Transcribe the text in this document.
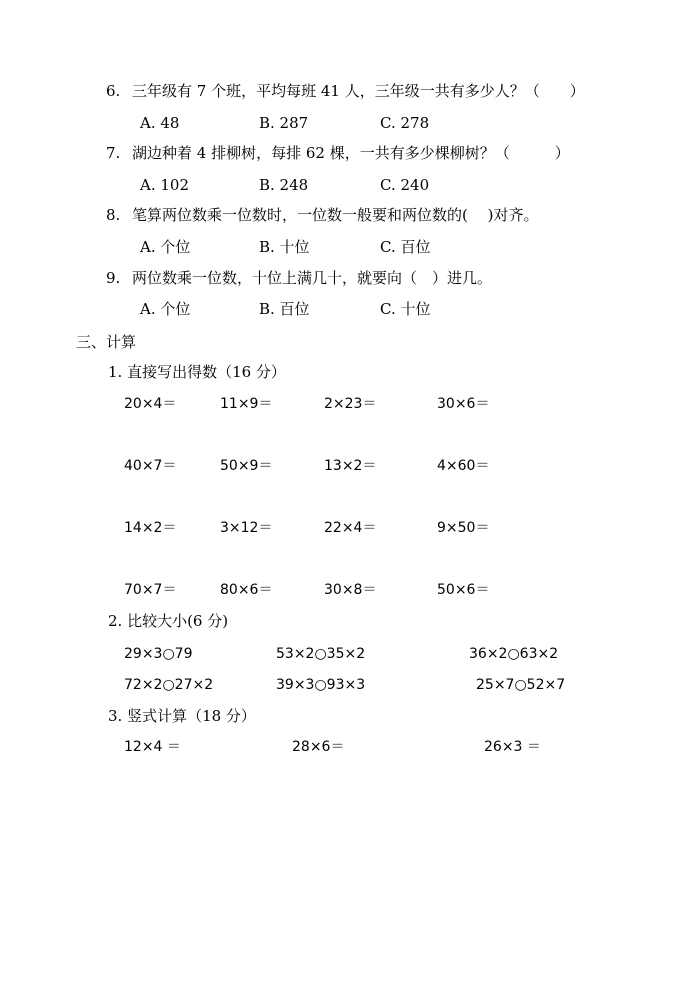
6. 三年级有 7 个班，平均每班 41 人，三年级一共有多少人？（　　）
A. 48	B. 287	C. 278
7. 湖边种着 4 排柳树，每排 62 棵，一共有多少棵柳树？（　　　）
A. 102	B. 248	C. 240
8. 笔算两位数乘一位数时，一位数一般要和两位数的(　 )对齐。
A. 个位	B. 十位	C. 百位
9. 两位数乘一位数，十位上满几十，就要向（　）进几。
A. 个位	B. 百位	C. 十位
三、计算
1. 直接写出得数（16 分）
20×4＝	11×9＝	2×23＝	30×6＝
40×7＝	50×9＝	13×2＝	4×60＝
14×2＝	3×12＝	22×4＝	9×50＝
70×7＝	80×6＝	30×8＝	50×6＝
2. 比较大小(6 分)
29×3○79	53×2○35×2	36×2○63×2
72×2○27×2	39×3○93×3	25×7○52×7
3. 竖式计算（18 分）
12×4 ＝	28×6＝	26×3 ＝
